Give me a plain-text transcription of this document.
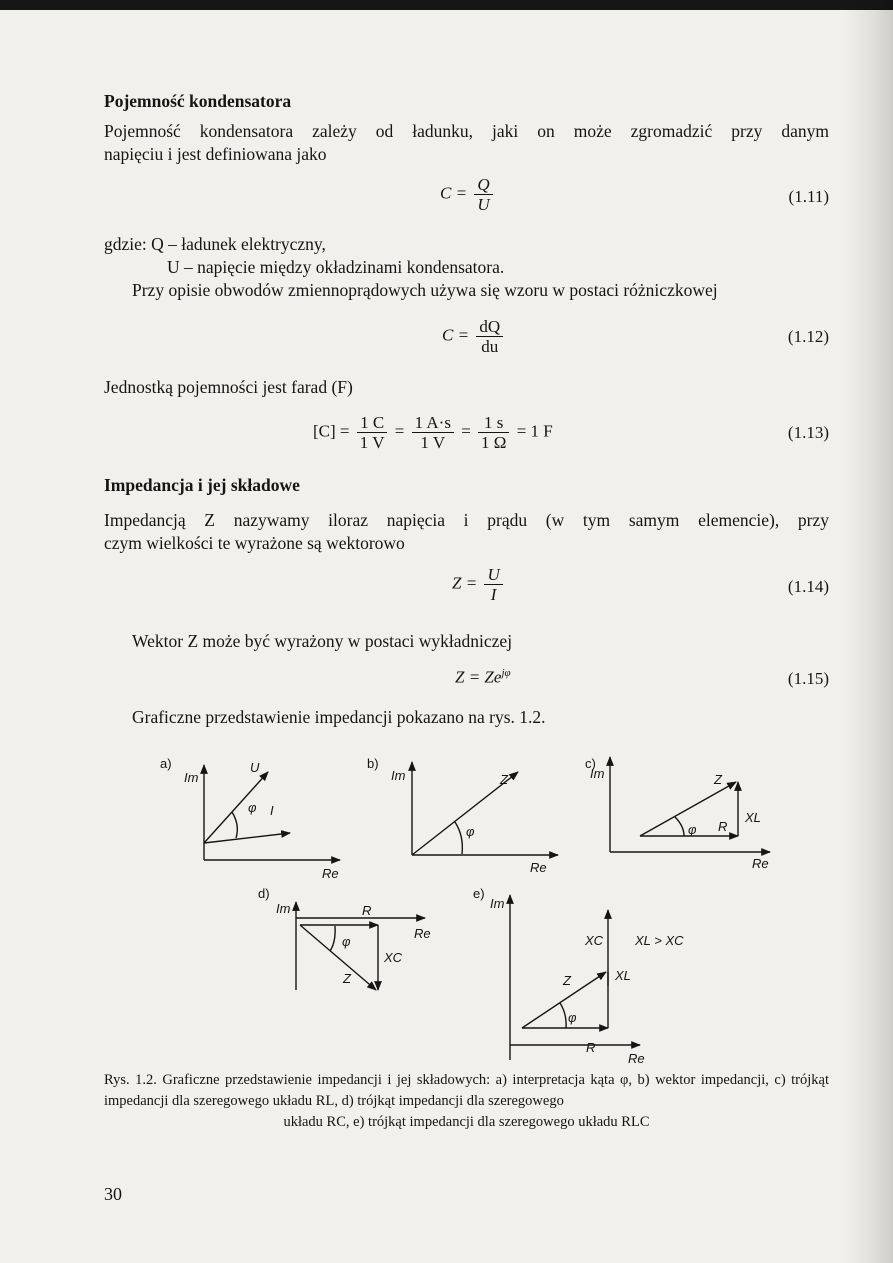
Pojemność kondensatora
Pojemność kondensatora zależy od ładunku, jaki on może zgromadzić przy danym
napięciu i jest definiowana jako
$C = \frac{Q}{U}$	(1.11)
gdzie: Q – ładunek elektryczny,
U – napięcie między okładzinami kondensatora.
Przy opisie obwodów zmiennoprądowych używa się wzoru w postaci różniczkowej
$C = \frac{dQ}{du}$	(1.12)
Jednostką pojemności jest farad (F)
$[C] = \frac{1 C}{1 V} = \frac{1 A\cdot s}{1 V} = \frac{1 s}{1 \Omega} = 1$ F	(1.13)
Impedancja i jej składowe
Impedancją Z nazywamy iloraz napięcia i prądu (w tym samym elemencie), przy
czym wielkości te wyrażone są wektorowo
$Z = \frac{U}{I}$	(1.14)
Wektor Z może być wyrażony w postaci wykładniczej
$Z = Ze^{j\varphi}$	(1.15)
Graficzne przedstawienie impedancji pokazano na rys. 1.2.
a)	b)	c)
d)	e)
Im
U
φ I
Re
Im	Z
φ
Re
Im	Z
XL
φ R
Re
Im	R
Re
φ
XC
Z
Im
XC XL > XC
XL
Z
φ
R
Re
Rys. 1.2. Graficzne przedstawienie impedancji i jej składowych: a) interpretacja kąta φ, b) wektor impedancji, c) trójkąt impedancji dla szeregowego układu RL, d) trójkąt impedancji dla szeregowego
układu RC, e) trójkąt impedancji dla szeregowego układu RLC
30
